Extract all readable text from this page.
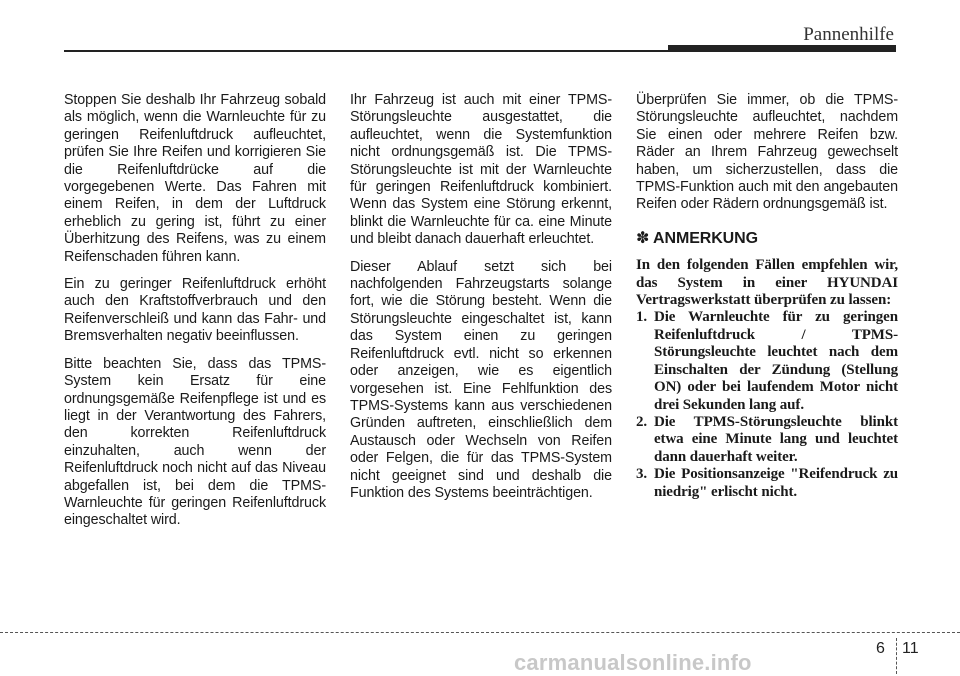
Pannenhilfe

Stoppen Sie deshalb Ihr Fahrzeug sobald als möglich, wenn die Warnleuchte für zu geringen Reifenluftdruck aufleuchtet, prüfen Sie Ihre Reifen und korrigieren Sie die Reifenluftdrücke auf die vorgegebenen Werte. Das Fahren mit einem Reifen, in dem der Luftdruck erheblich zu gering ist, führt zu einer Überhitzung des Reifens, was zu einem Reifenschaden führen kann.

Ein zu geringer Reifenluftdruck erhöht auch den Kraftstoffverbrauch und den Reifenverschleiß und kann das Fahr- und Bremsverhalten negativ beeinflussen.

Bitte beachten Sie, dass das TPMS-System kein Ersatz für eine ordnungsgemäße Reifenpflege ist und es liegt in der Verantwortung des Fahrers, den korrekten Reifenluftdruck einzuhalten, auch wenn der Reifenluftdruck noch nicht auf das Niveau abgefallen ist, bei dem die TPMS-Warnleuchte für geringen Reifenluftdruck eingeschaltet wird.

Ihr Fahrzeug ist auch mit einer TPMS-Störungsleuchte ausgestattet, die aufleuchtet, wenn die Systemfunktion nicht ordnungsgemäß ist. Die TPMS-Störungsleuchte ist mit der Warnleuchte für geringen Reifenluftdruck kombiniert. Wenn das System eine Störung erkennt, blinkt die Warnleuchte für ca. eine Minute und bleibt danach dauerhaft erleuchtet.

Dieser Ablauf setzt sich bei nachfolgenden Fahrzeugstarts solange fort, wie die Störung besteht. Wenn die Störungsleuchte eingeschaltet ist, kann das System einen zu geringen Reifenluftdruck evtl. nicht so erkennen oder anzeigen, wie es eigentlich vorgesehen ist. Eine Fehlfunktion des TPMS-Systems kann aus verschiedenen Gründen auftreten, einschließlich dem Austausch oder Wechseln von Reifen oder Felgen, die für das TPMS-System nicht geeignet sind und deshalb die Funktion des Systems beeinträchtigen.

Überprüfen Sie immer, ob die TPMS-Störungsleuchte aufleuchtet, nachdem Sie einen oder mehrere Reifen bzw. Räder an Ihrem Fahrzeug gewechselt haben, um sicherzustellen, dass die TPMS-Funktion auch mit den angebauten Reifen oder Rädern ordnungsgemäß ist.

✽ ANMERKUNG

In den folgenden Fällen empfehlen wir, das System in einer HYUNDAI Vertragswerkstatt überprüfen zu lassen:

1. Die Warnleuchte für zu geringen Reifenluftdruck / TPMS-Störungsleuchte leuchtet nach dem Einschalten der Zündung (Stellung ON) oder bei laufendem Motor nicht drei Sekunden lang auf.
2. Die TPMS-Störungsleuchte blinkt etwa eine Minute lang und leuchtet dann dauerhaft weiter.
3. Die Positionsanzeige "Reifendruck zu niedrig" erlischt nicht.
6 11
carmanualsonline.info
